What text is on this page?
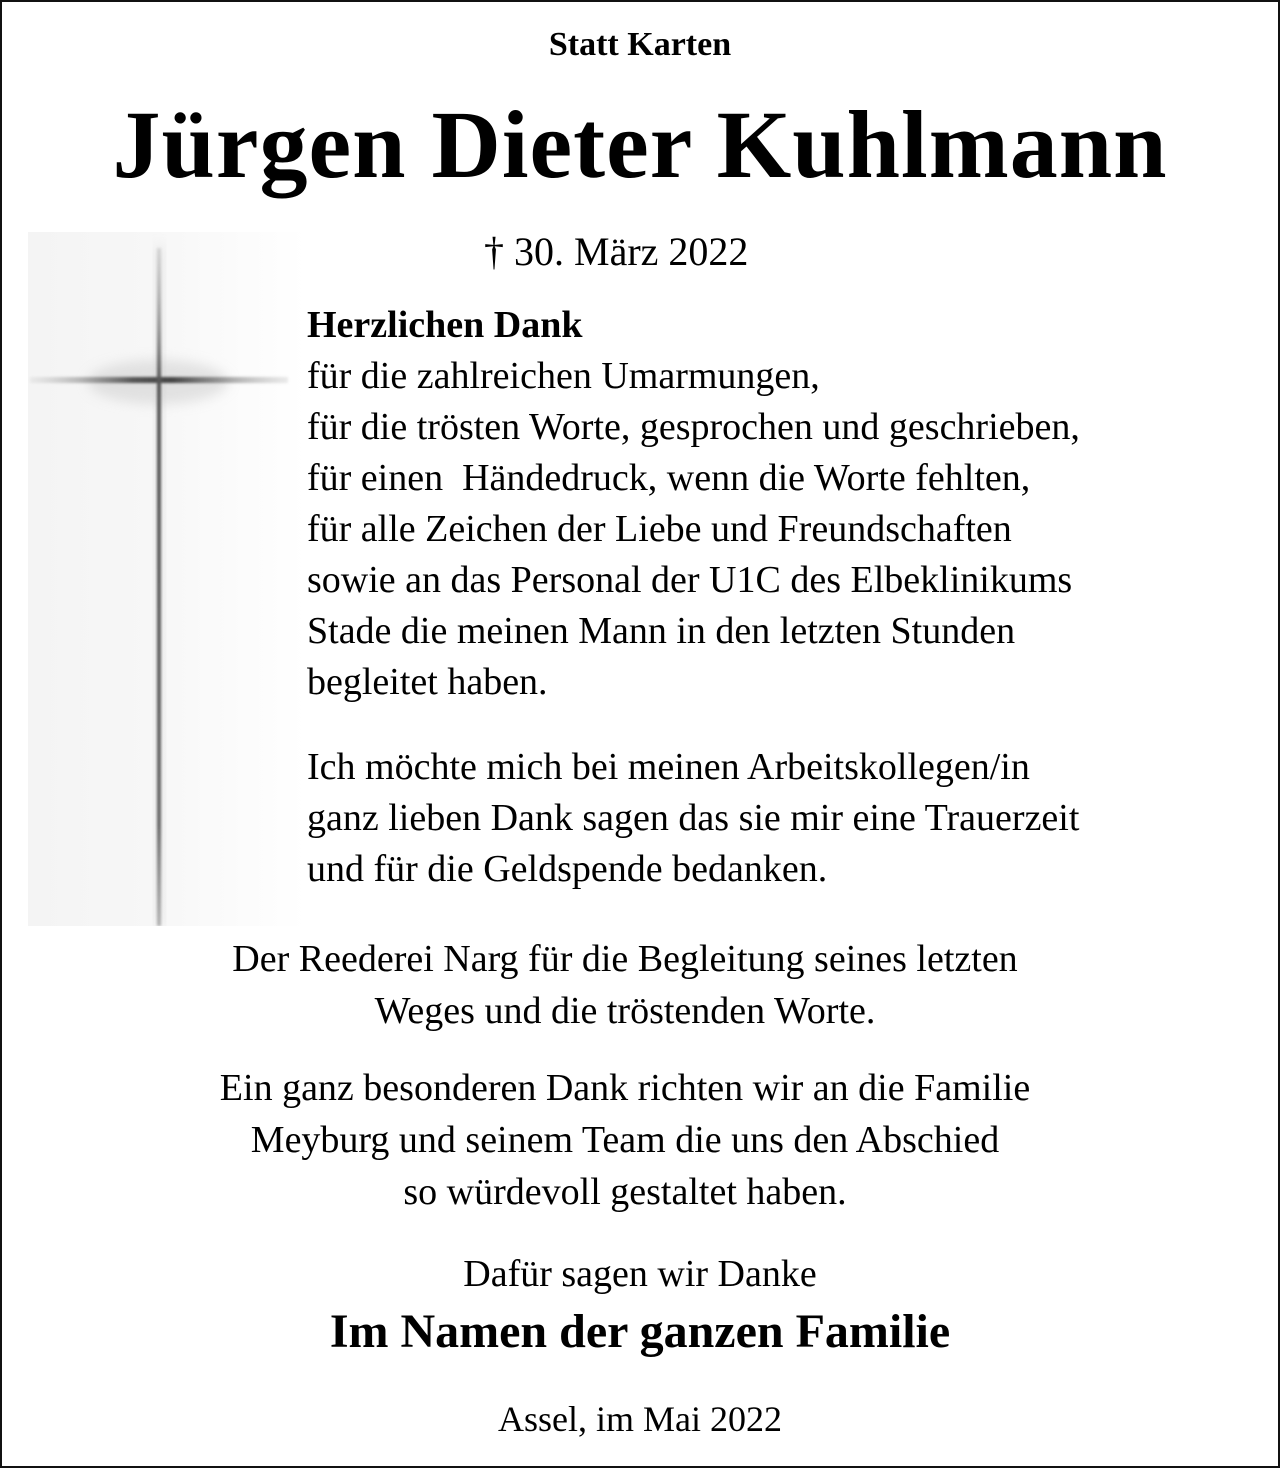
Statt Karten

Jürgen Dieter Kuhlmann

† 30. März 2022

Herzlichen Dank
für die zahlreichen Umarmungen,
für die trösten Worte, gesprochen und geschrieben,
für einen  Händedruck, wenn die Worte fehlten,
für alle Zeichen der Liebe und Freundschaften
sowie an das Personal der U1C des Elbeklinikums
Stade die meinen Mann in den letzten Stunden
begleitet haben.
Ich möchte mich bei meinen Arbeitskollegen/in
ganz lieben Dank sagen das sie mir eine Trauerzeit
und für die Geldspende bedanken.
Der Reederei Narg für die Begleitung seines letzten
Weges und die tröstenden Worte.
Ein ganz besonderen Dank richten wir an die Familie
Meyburg und seinem Team die uns den Abschied
so würdevoll gestaltet haben.

Dafür sagen wir Danke

Im Namen der ganzen Familie

Assel, im Mai 2022
